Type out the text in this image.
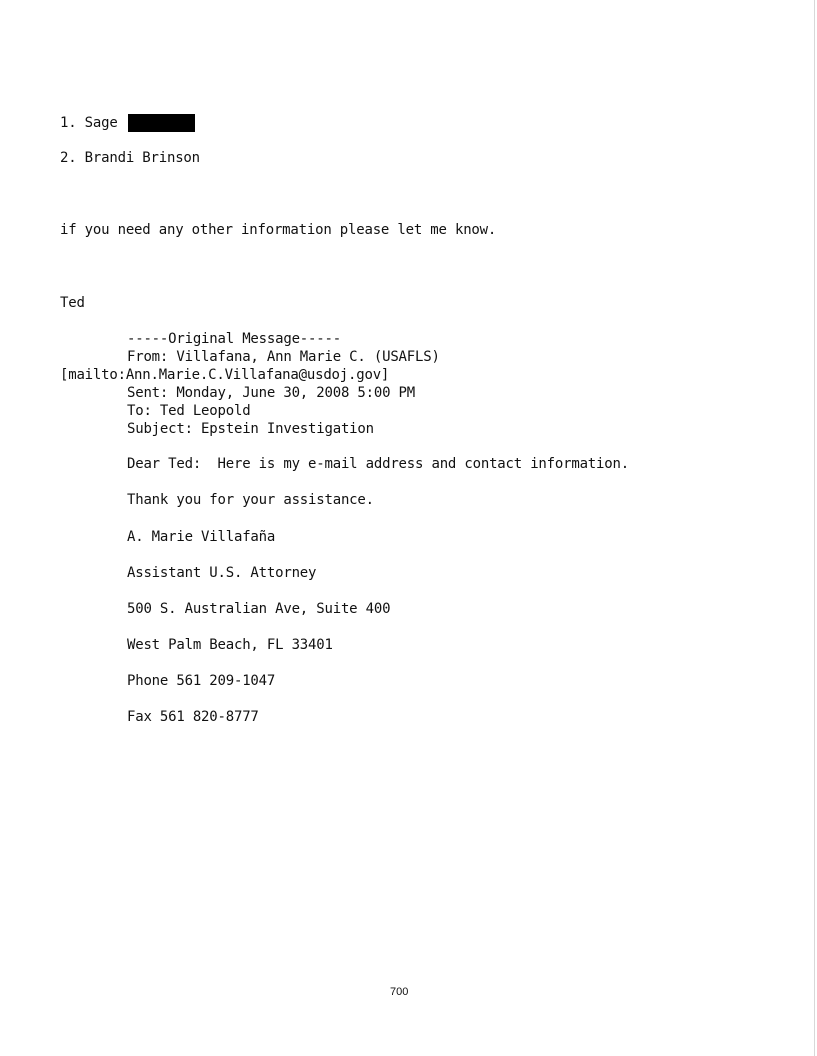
1. Sage
2. Brandi Brinson
if you need any other information please let me know.
Ted
-----Original Message-----
From: Villafana, Ann Marie C. (USAFLS)
[mailto:Ann.Marie.C.Villafana@usdoj.gov]
Sent: Monday, June 30, 2008 5:00 PM
To: Ted Leopold
Subject: Epstein Investigation
Dear Ted:  Here is my e-mail address and contact information.
Thank you for your assistance.
A. Marie Villafaña
Assistant U.S. Attorney
500 S. Australian Ave, Suite 400
West Palm Beach, FL 33401
Phone 561 209-1047
Fax 561 820-8777
700
